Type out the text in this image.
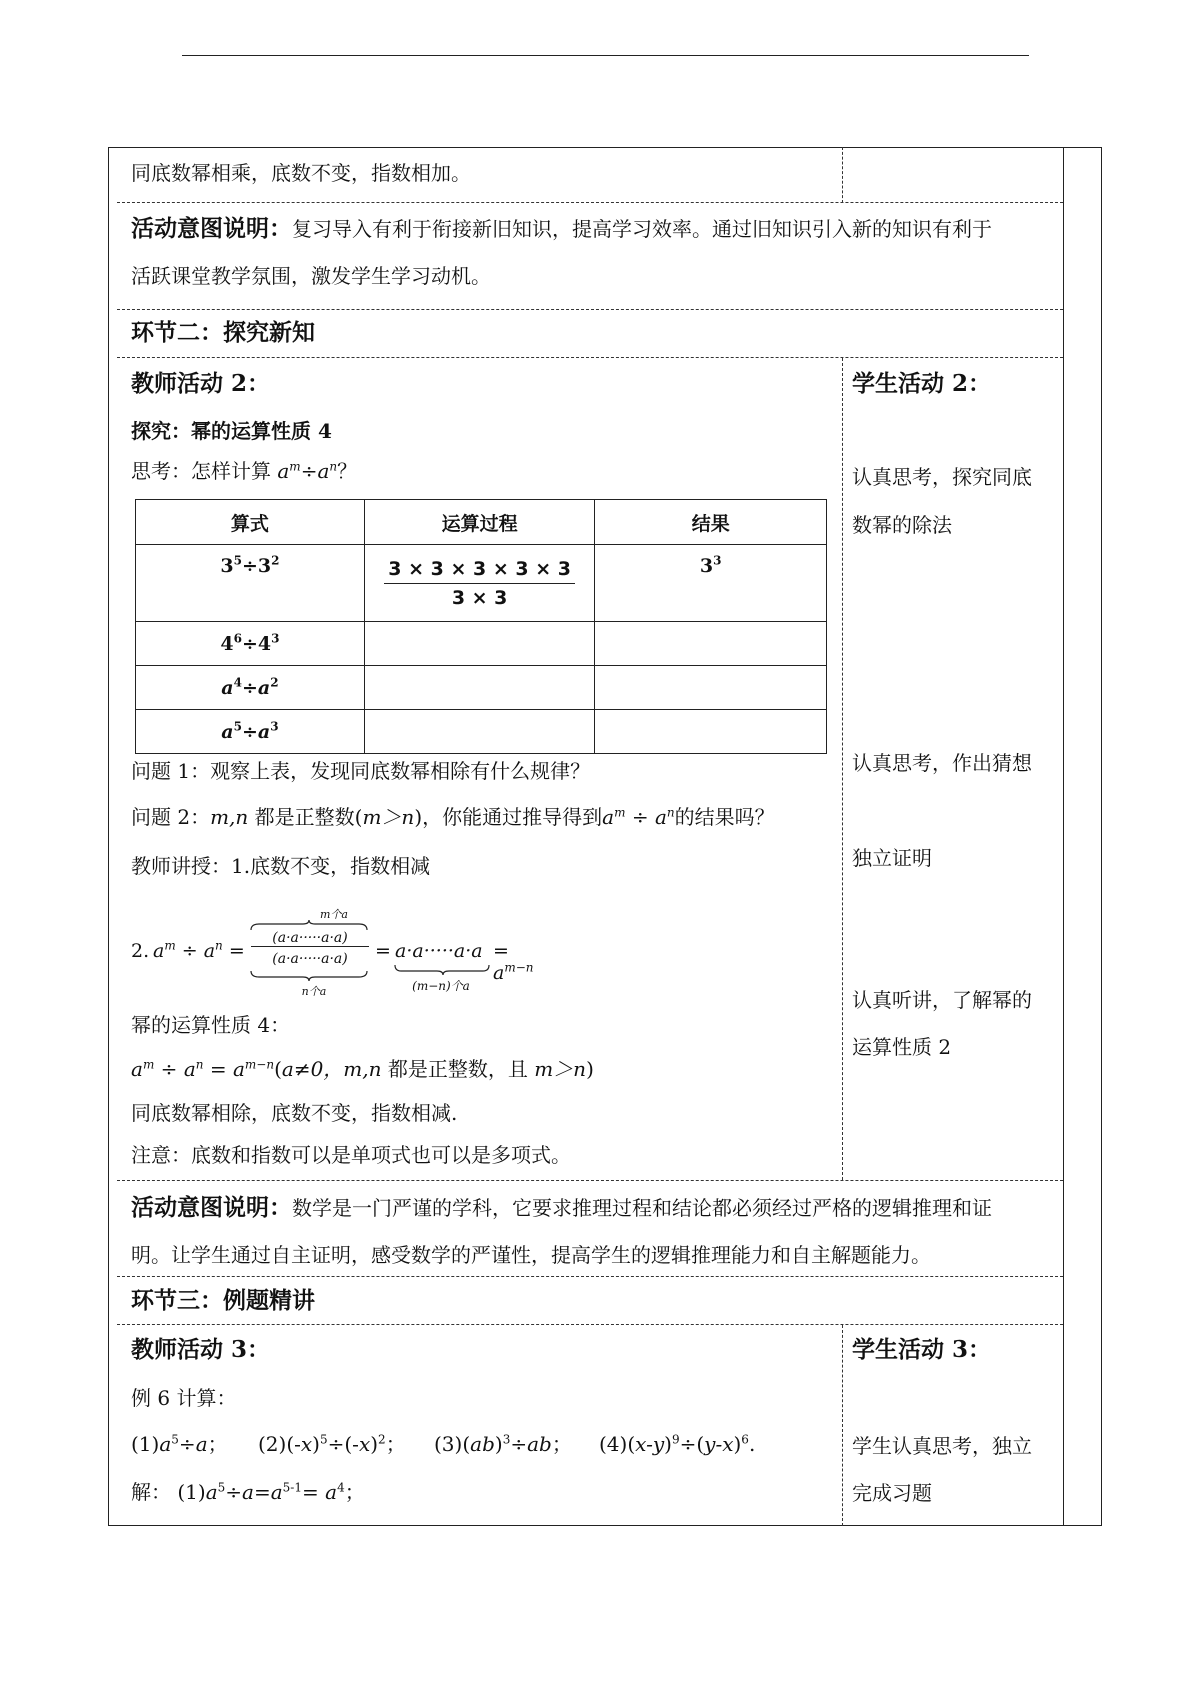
同底数幂相乘，底数不变，指数相加。
活动意图说明：复习导入有利于衔接新旧知识，提高学习效率。通过旧知识引入新的知识有利于
活跃课堂教学氛围，激发学生学习动机。
环节二：探究新知
教师活动 2：	学生活动 2：
探究：幂的运算性质 4
思考：怎样计算 $a^m\div a^n$？
算式	运算过程	结果
$3^5\div 3^2$	$\frac{3 \times 3 \times 3 \times 3 \times 3}{3 \times 3}$	$3^3$
$4^6\div 4^3$		
$a^4\div a^2$		
$a^5\div a^3$		
认真思考，探究同底
数幂的除法
问题 1：观察上表，发现同底数幂相除有什么规律？
问题 2：m,n 都是正整数(m＞n)，你能通过推导得到$a^m \div a^n$的结果吗？
认真思考，作出猜想
教师讲授：1.底数不变，指数相减	独立证明
2. $a^m \div a^n$ =
m个a
(a·a·····a·a)
(a·a·····a·a)
n个a
= a·a·····a·a
(m−n)个a
= $a^{m-n}$
认真听讲，了解幂的
运算性质 2
幂的运算性质 4：
$a^m \div a^n = a^{m-n}(a\ne 0$，m,n 都是正整数，且 m＞n)
同底数幂相除，底数不变，指数相减.
注意：底数和指数可以是单项式也可以是多项式。
活动意图说明：数学是一门严谨的学科，它要求推理过程和结论都必须经过严格的逻辑推理和证
明。让学生通过自主证明，感受数学的严谨性，提高学生的逻辑推理能力和自主解题能力。
环节三：例题精讲
教师活动 3：	学生活动 3：
例 6 计算：
$(1)a^5\div a$； $(2)(-x)^5\div(-x)^2$； (3)(ab)$^3$÷ab； $(4)(x-y)^9\div(y-x)^6$.	学生认真思考，独立
完成习题
解： $(1)a^5\div a=a^{5-1}= a^4$；
